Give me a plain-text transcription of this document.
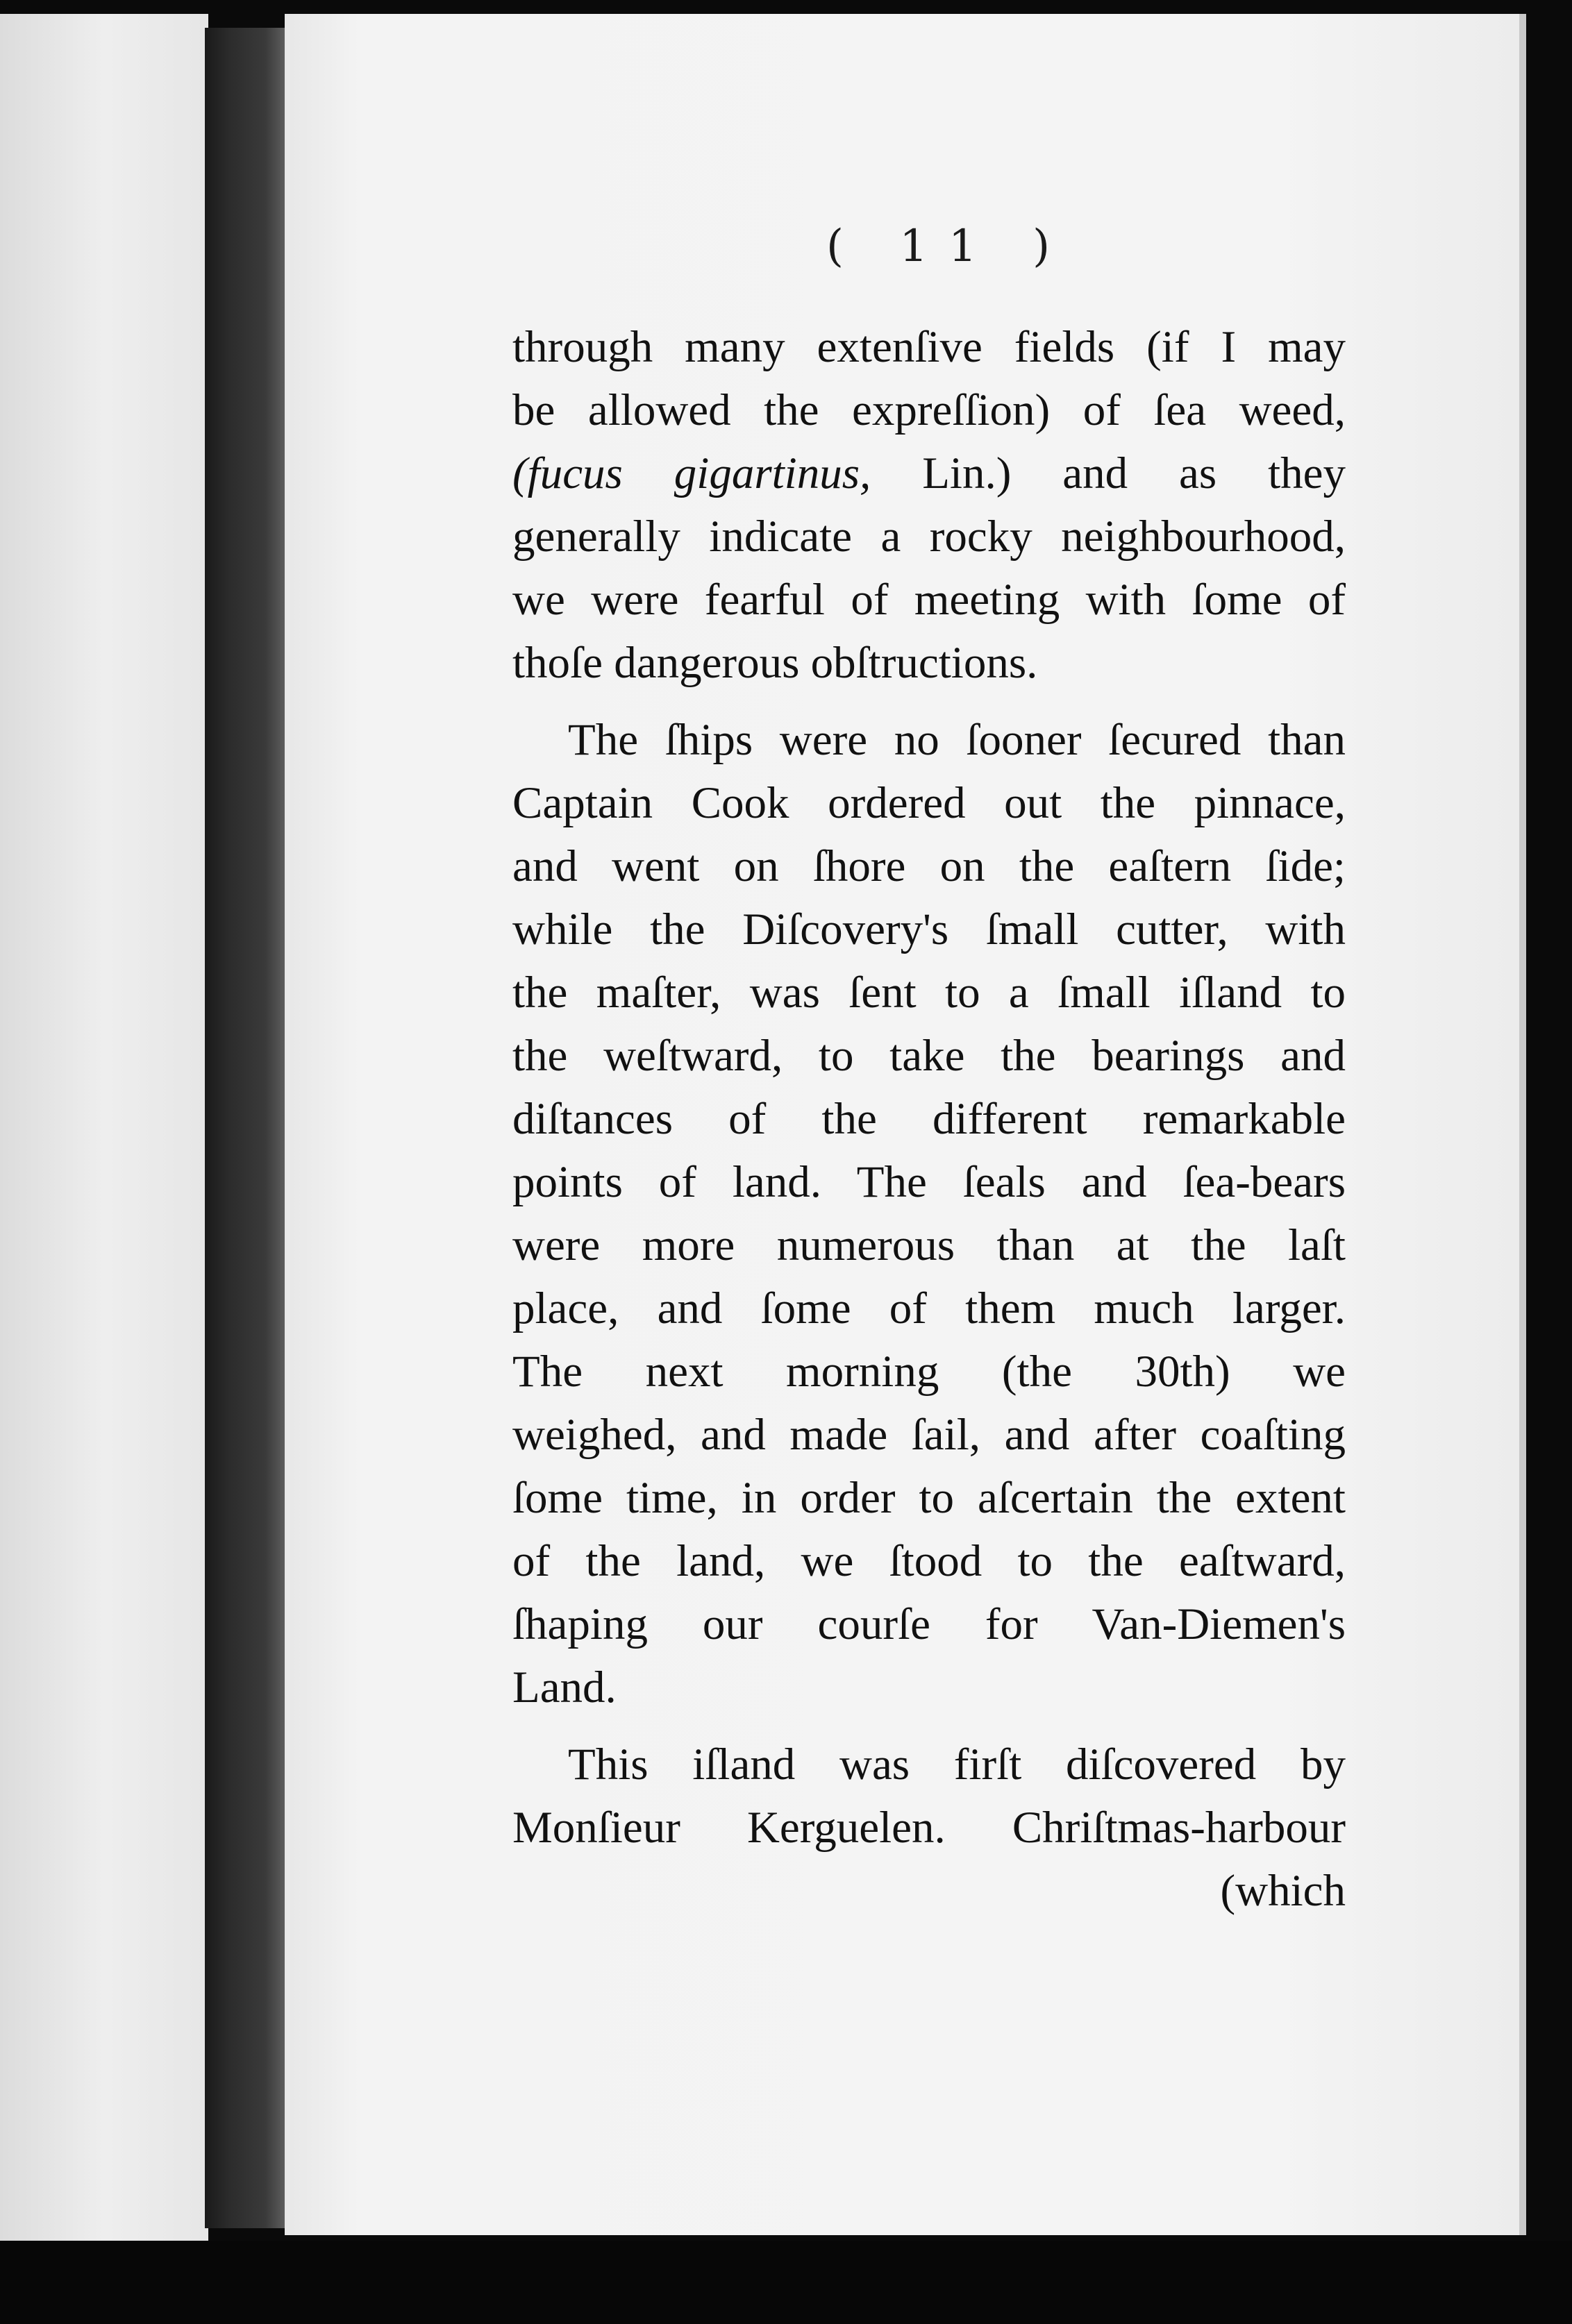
( 11 )
through many extenſive fields (if I may
be allowed the expreſſion) of ſea weed,
(fucus gigartinus, Lin.) and as they
generally indicate a rocky neighbourhood,
we were fearful of meeting with ſome of
thoſe dangerous obſtructions.
The ſhips were no ſooner ſecured than
Captain Cook ordered out the pinnace,
and went on ſhore on the eaſtern ſide;
while the Diſcovery's ſmall cutter, with
the maſter, was ſent to a ſmall iſland to
the weſtward, to take the bearings and
diſtances of the different remarkable
points of land. The ſeals and ſea-bears
were more numerous than at the laſt
place, and ſome of them much larger.
The next morning (the 30th) we
weighed, and made ſail, and after coaſting
ſome time, in order to aſcertain the extent
of the land, we ſtood to the eaſtward,
ſhaping our courſe for Van-Diemen's
Land.
This iſland was firſt diſcovered by
Monſieur Kerguelen. Chriſtmas-harbour
(which
